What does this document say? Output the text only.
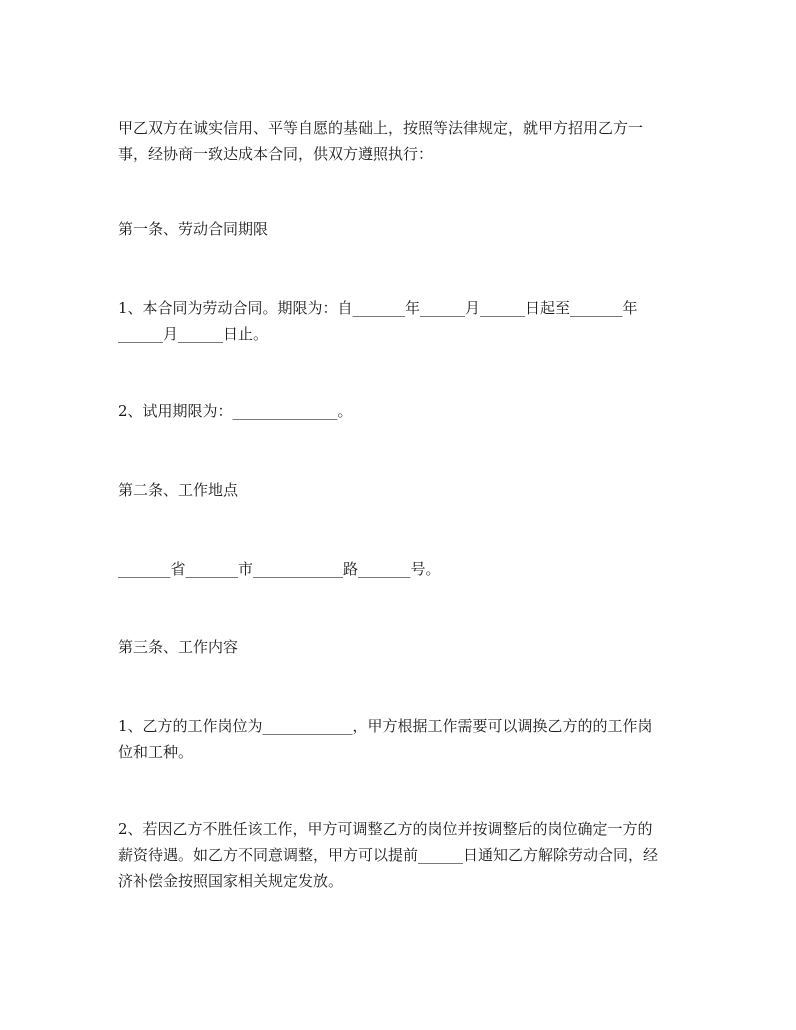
甲乙双方在诚实信用、平等自愿的基础上，按照等法律规定，就甲方招用乙方一
事，经协商一致达成本合同，供双方遵照执行：

第一条、劳动合同期限

1、本合同为劳动合同。期限为：自_______年______月______日起至_______年
______月______日止。

2、试用期限为：______________。

第二条、工作地点

_______省_______市____________路_______号。

第三条、工作内容

1、乙方的工作岗位为____________，甲方根据工作需要可以调换乙方的的工作岗
位和工种。

2、若因乙方不胜任该工作，甲方可调整乙方的岗位并按调整后的岗位确定一方的
薪资待遇。如乙方不同意调整，甲方可以提前______日通知乙方解除劳动合同，经
济补偿金按照国家相关规定发放。
